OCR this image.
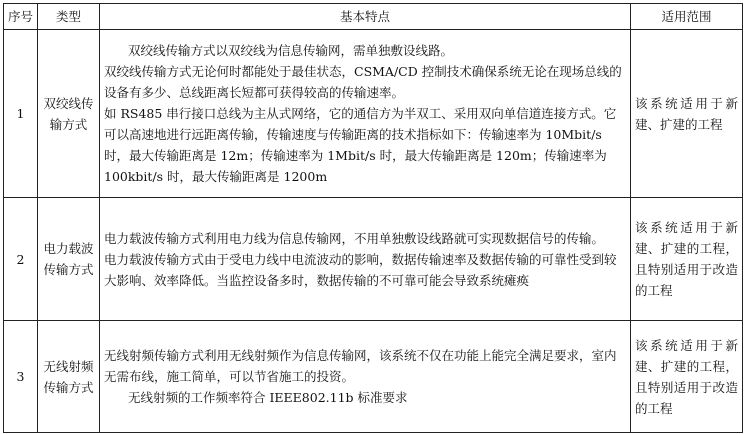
序号	类型	基本特点	适用范围
1	双绞线传输方式	双绞线传输方式以双绞线为信息传输网，需单独敷设线路。

双绞线传输方式无论何时都能处于最佳状态，CSMA/CD 控制技术确保系统无论在现场总线的设备有多少、总线距离长短都可获得较高的传输速率。

如 RS485 串行接口总线为主从式网络，它的通信方为半双工、采用双向单信道连接方式。它可以高速地进行远距离传输，传输速度与传输距离的技术指标如下：传输速率为 10Mbit/s 时，最大传输距离是 12m；传输速率为 1Mbit/s 时，最大传输距离是 120m；传输速率为 100kbit/s 时，最大传输距离是 1200m	该系统适用于新建、扩建的工程
2	电力载波传输方式	电力载波传输方式利用电力线为信息传输网，不用单独敷设线路就可实现数据信号的传输。

电力载波传输方式由于受电力线中电流波动的影响，数据传输速率及数据传输的可靠性受到较大影响、效率降低。当监控设备多时，数据传输的不可靠可能会导致系统瘫痪	该系统适用于新建、扩建的工程，且特别适用于改造的工程
3	无线射频传输方式	无线射频传输方式利用无线射频作为信息传输网，该系统不仅在功能上能完全满足要求，室内无需布线，施工简单，可以节省施工的投资。

无线射频的工作频率符合 IEEE802.11b 标准要求	该系统适用于新建、扩建的工程，且特别适用于改造的工程
